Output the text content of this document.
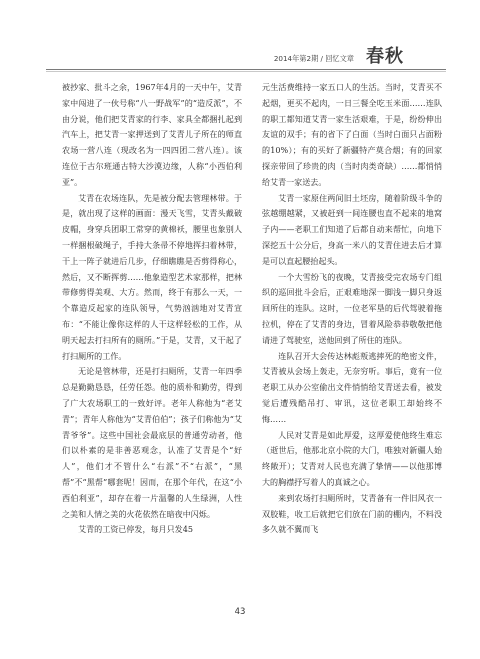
2014年第2期 / 回忆文章 春秋

被抄家、批斗之余，1967年4月的一天中午，艾青家中闯进了一伙号称“八一野战军”的“造反派”，不由分说，他们把艾青家的行李、家具全都捆扎起到汽车上，把艾青一家押送到了艾青儿子所在的师直农场一营八连（现改名为一四四团二营八连）。该连位于古尔班通古特大沙漠边缘，人称“小西伯利亚”。

艾青在农场连队，先是被分配去管理林带。于是，就出现了这样的画面：漫天飞雪，艾青头戴破皮帽，身穿兵团职工常穿的黄棉袄，腰里也象别人一样捆根破绳子，手持大条帚不停地挥扫着林带，干上一阵子就进后几步，仔细瞧瞧是否剪得称心，然后，又不断挥剪……他象造型艺术家那样，把林带修剪得美观、大方。然而，终于有那么一天，一个靠造反起家的连队领导，气势汹汹地对艾青宣布：“不能让像你这样的人干这样轻松的工作，从明天起去打扫所有的厕所。”于是，艾青，又干起了打扫厕所的工作。

无论是管林带，还是打扫厕所，艾青一年四季总是勤勤恳恳，任劳任怨。他的质朴和勤劳，得到了广大农场职工的一致好评。老年人称他为“老艾青”；青年人称他为“艾青伯伯”；孩子们称他为“艾青爷爷”。这些中国社会最底层的普通劳动者，他们以朴素的是非善恶观念，认准了艾青是个“好人”，他们才不管什么“右派”不“右派”，“黑帮”不“黑帮”哪套呢！因而，在那个年代，在这“小西伯利亚”，却存在着一片温馨的人生绿洲，人性之美和人情之美的火花依然在暗夜中闪烁。

艾青的工资已停发，每月只发45

元生活费维持一家五口人的生活。当时，艾青买不起烟，更买不起肉，一日三餐全吃玉米面……连队的职工都知道艾青一家生活艰难，于是，纷纷伸出友谊的双手；有的省下了白面（当时白面只占面粉的10%）；有的买好了新疆特产莫合烟；有的回家探亲带回了珍贵的肉（当时肉类奇缺）……都悄悄给艾青一家送去。

艾青一家原住两间旧土坯房，随着阶级斗争的弦越绷越紧，又被赶到一间连腰也直不起来的地窝子内——老职工们知道了后都自动来帮忙，向地下深挖五十公分后，身高一米八的艾青住进去后才算是可以直起腰抬起头。

一个大雪纷飞的夜晚，艾青接受完农场专门组织的巡回批斗会后，正艰难地深一脚浅一脚只身返回所住的连队。这时，一位老军垦的后代驾驶着拖拉机，停在了艾青的身边，冒着风险恭恭敬敬把他请进了驾驶室，送他回到了所住的连队。

连队召开大会传达林彪叛逃摔死的绝密文件，艾青被从会场上轰走，无奈穷听。事后，竟有一位老职工从办公室偷出文件悄悄给艾青送去看，被发觉后遭残酷吊打、审讯，这位老职工却始终不悔……

人民对艾青是如此厚爱，这厚爱使他终生难忘（逝世后，他那北京小院的大门，唯独对新疆人始终敞开）；艾青对人民也充满了挚情——以他那博大的胸襟抒写着人的真诚之心。

来到农场打扫厕所时，艾青备有一件旧风衣一双胶鞋，收工后就把它们放在门前的棚内，不料没多久就不翼而飞

43
